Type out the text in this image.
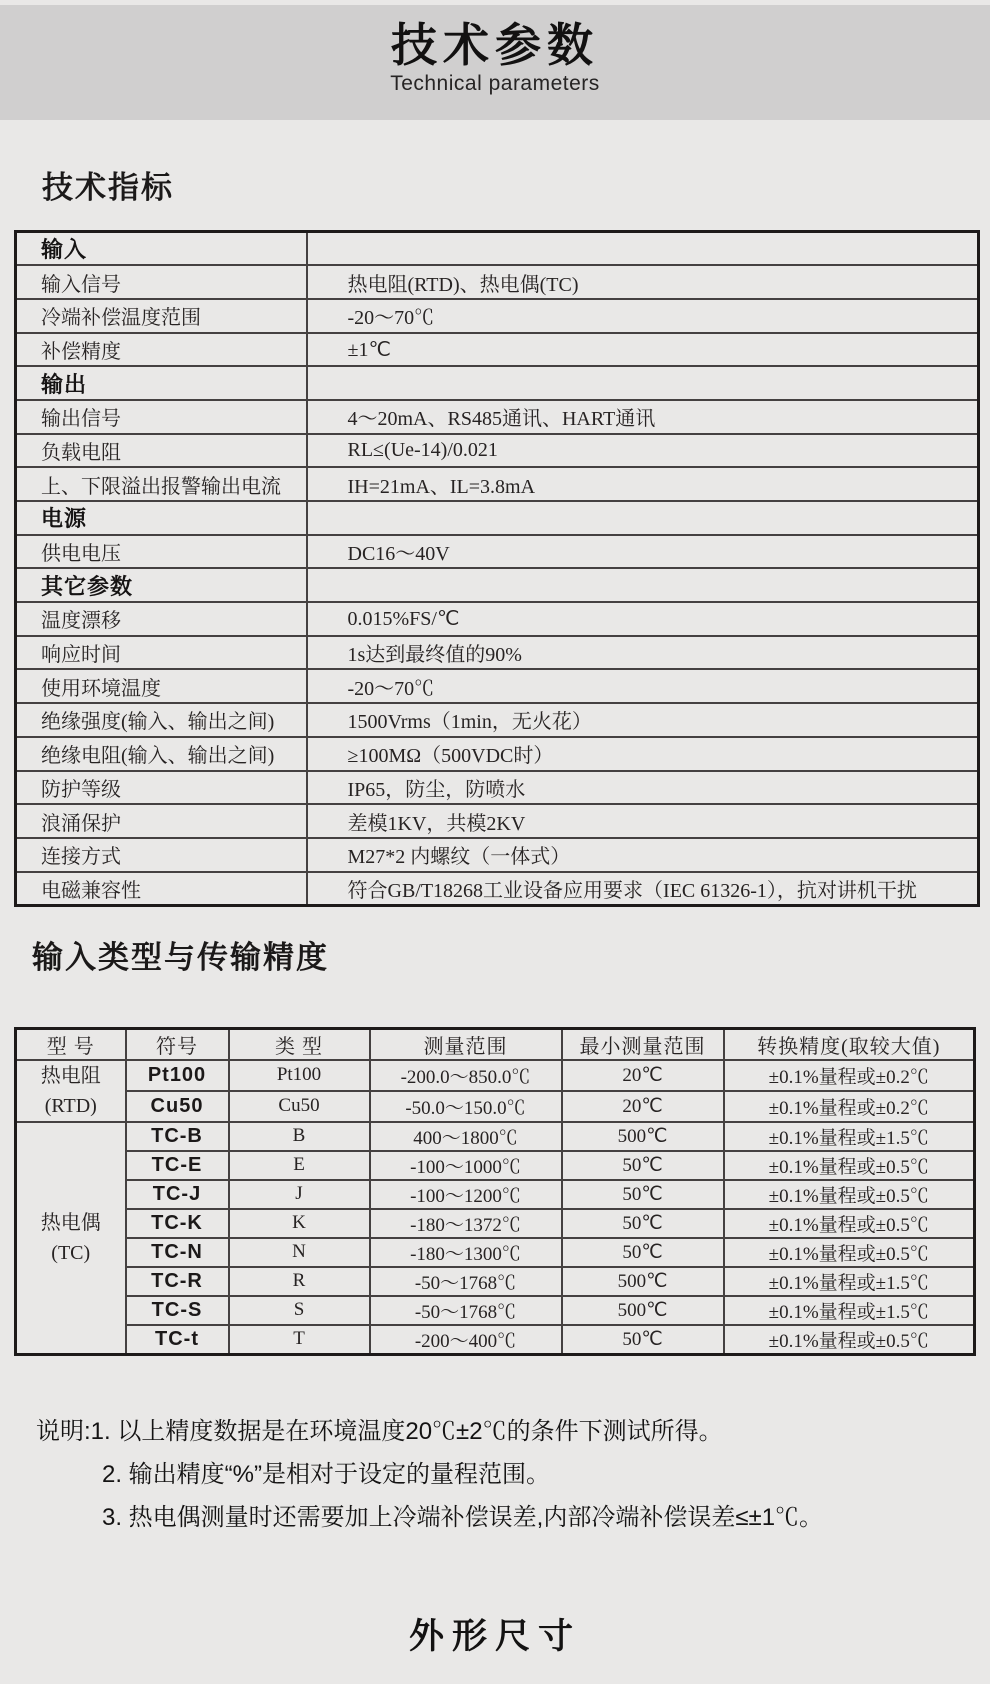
技术参数
Technical parameters
技术指标
输入	
输入信号	热电阻(RTD)、热电偶(TC)
冷端补偿温度范围	-20～70℃
补偿精度	±1℃
输出	
输出信号	4～20mA、RS485通讯、HART通讯
负载电阻	RL≤(Ue-14)/0.021
上、下限溢出报警输出电流	IH=21mA、IL=3.8mA
电源	
供电电压	DC16～40V
其它参数	
温度漂移	0.015%FS/℃
响应时间	1s达到最终值的90%
使用环境温度	-20～70℃
绝缘强度(输入、输出之间)	1500Vrms（1min，无火花）
绝缘电阻(输入、输出之间)	≥100MΩ（500VDC时）
防护等级	IP65，防尘，防喷水
浪涌保护	差模1KV，共模2KV
连接方式	M27*2 内螺纹（一体式）
电磁兼容性	符合GB/T18268工业设备应用要求（IEC 61326-1），抗对讲机干扰
输入类型与传输精度
型 号	符号	类 型	测量范围	最小测量范围	转换精度(取较大值)

热电阻
(RTD)	Pt100	Pt100	-200.0～850.0℃	20℃	±0.1%量程或±0.2℃
	Cu50	Cu50	-50.0～150.0℃	20℃	±0.1%量程或±0.2℃

热电偶
(TC)	TC-B	B	400～1800℃	500℃	±0.1%量程或±1.5℃
	TC-E	E	-100～1000℃	50℃	±0.1%量程或±0.5℃
	TC-J	J	-100～1200℃	50℃	±0.1%量程或±0.5℃
	TC-K	K	-180～1372℃	50℃	±0.1%量程或±0.5℃
	TC-N	N	-180～1300℃	50℃	±0.1%量程或±0.5℃
	TC-R	R	-50～1768℃	500℃	±0.1%量程或±1.5℃
	TC-S	S	-50～1768℃	500℃	±0.1%量程或±1.5℃
	TC-t	T	-200～400℃	50℃	±0.1%量程或±0.5℃
说明:1. 以上精度数据是在环境温度20℃±2℃的条件下测试所得。
2. 输出精度“%”是相对于设定的量程范围。
3. 热电偶测量时还需要加上冷端补偿误差,内部冷端补偿误差≤±1℃。
外形尺寸
